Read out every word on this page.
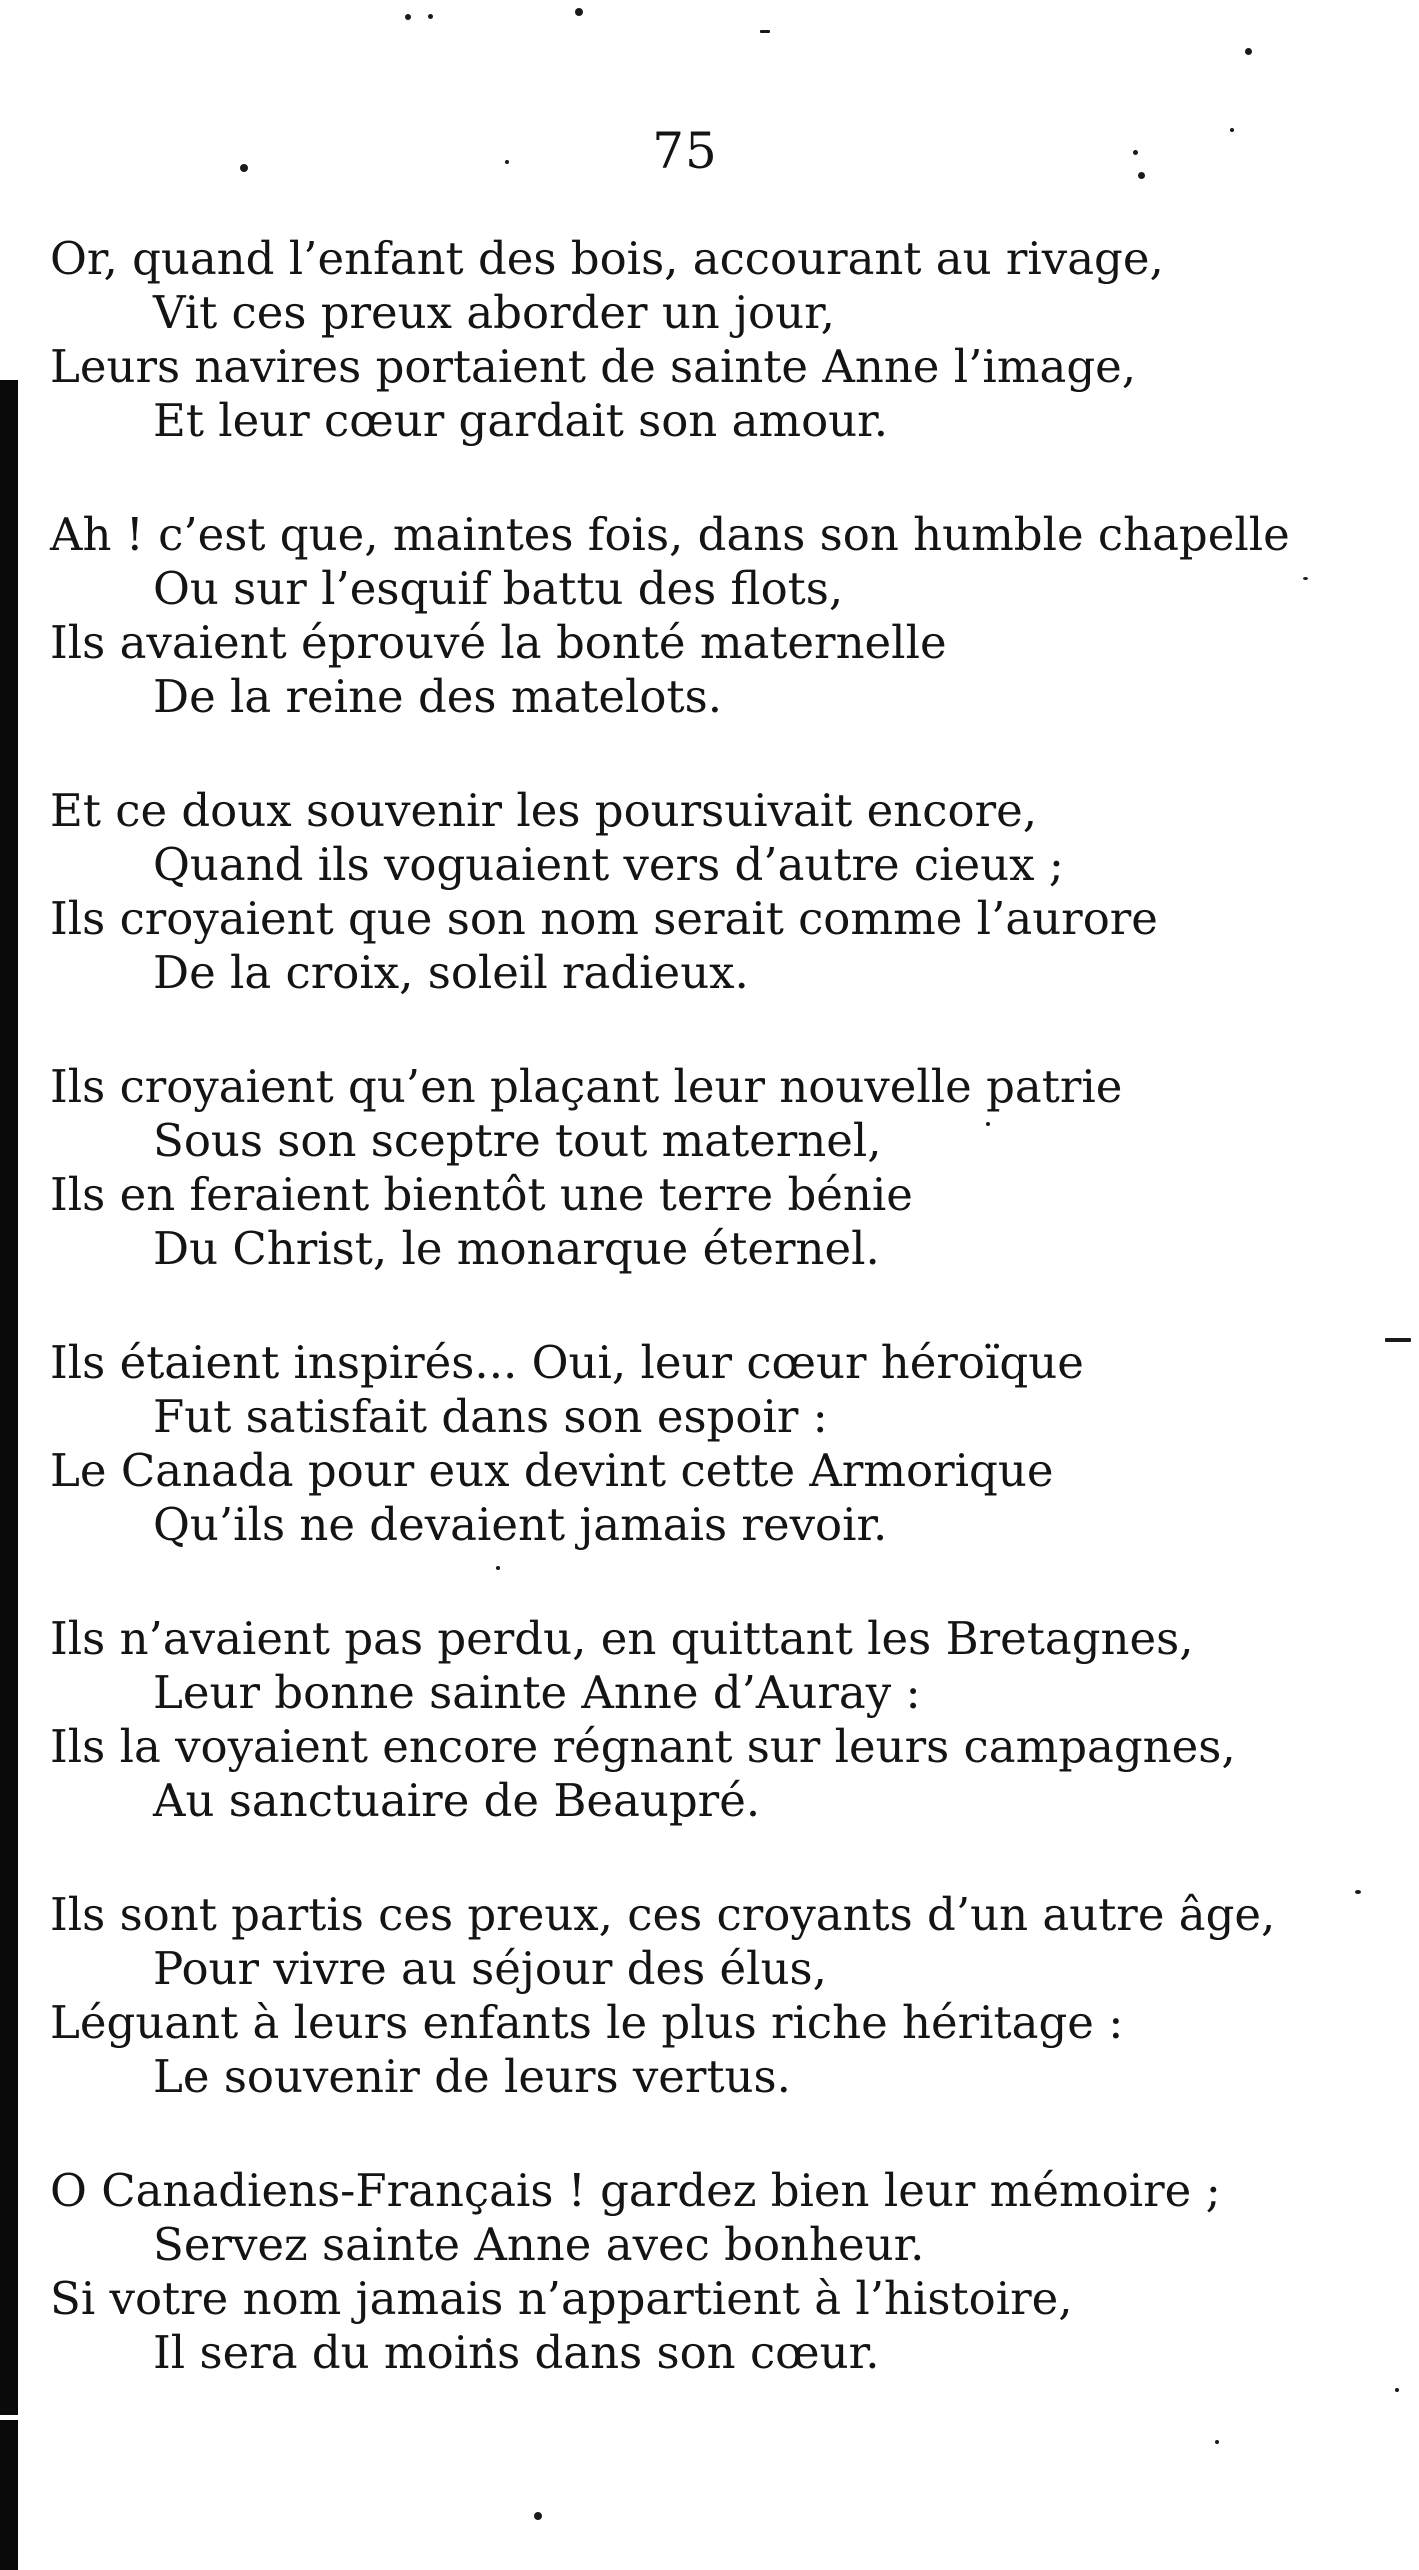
75
Or, quand l’enfant des bois, accourant au rivage,
Vit ces preux aborder un jour,
Leurs navires portaient de sainte Anne l’image,
Et leur cœur gardait son amour.
Ah ! c’est que, maintes fois, dans son humble chapelle
Ou sur l’esquif battu des flots,
Ils avaient éprouvé la bonté maternelle
De la reine des matelots.
Et ce doux souvenir les poursuivait encore,
Quand ils voguaient vers d’autre cieux ;
Ils croyaient que son nom serait comme l’aurore
De la croix, soleil radieux.
Ils croyaient qu’en plaçant leur nouvelle patrie
Sous son sceptre tout maternel,
Ils en feraient bientôt une terre bénie
Du Christ, le monarque éternel.
Ils étaient inspirés... Oui, leur cœur héroïque
Fut satisfait dans son espoir :
Le Canada pour eux devint cette Armorique
Qu’ils ne devaient jamais revoir.
Ils n’avaient pas perdu, en quittant les Bretagnes,
Leur bonne sainte Anne d’Auray :
Ils la voyaient encore régnant sur leurs campagnes,
Au sanctuaire de Beaupré.
Ils sont partis ces preux, ces croyants d’un autre âge,
Pour vivre au séjour des élus,
Léguant à leurs enfants le plus riche héritage :
Le souvenir de leurs vertus.
O Canadiens-Français ! gardez bien leur mémoire ;
Servez sainte Anne avec bonheur.
Si votre nom jamais n’appartient à l’histoire,
Il sera du moins dans son cœur.
